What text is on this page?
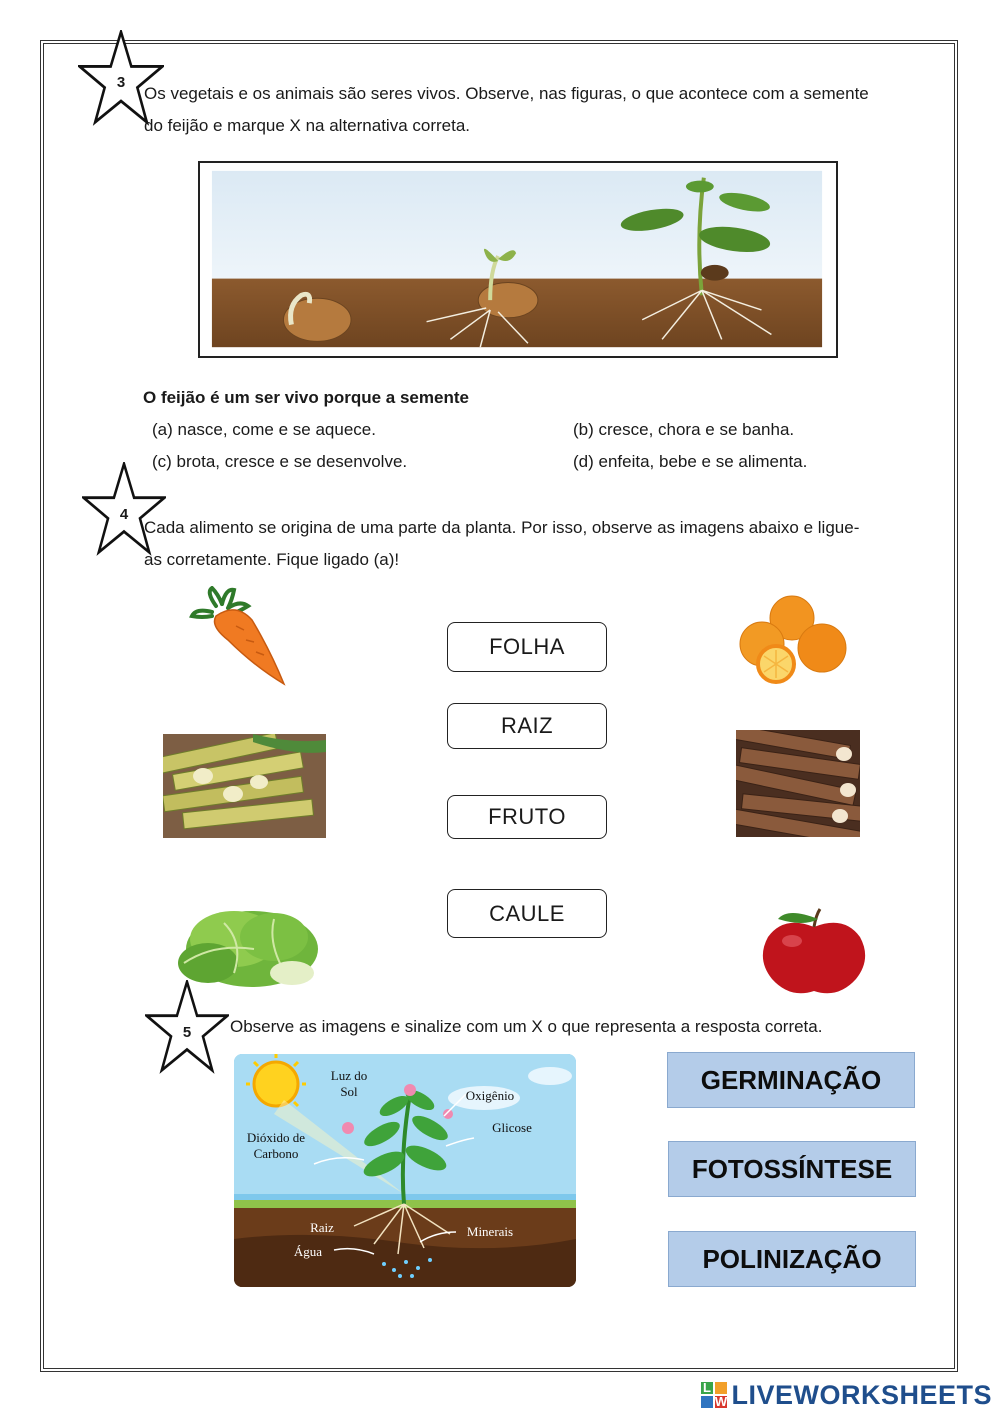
3
Os vegetais e os animais são seres vivos. Observe, nas figuras, o que acontece com a semente
do feijão e marque X na alternativa correta.
O feijão é um ser vivo porque a semente
(a) nasce, come e se aquece.	(b) cresce, chora e se banha.
(c) brota, cresce e se desenvolve.	(d) enfeita, bebe e se alimenta.
4
Cada alimento se origina de uma parte da planta. Por isso, observe as imagens abaixo e ligue-
as corretamente. Fique ligado (a)!
FOLHA
RAIZ
FRUTO
CAULE
5	Observe as imagens e sinalize com um X o que representa a resposta correta.
Luz do
Sol	Oxigênio
Glicose
Dióxido de
Carbono
Raiz
Água
Minerais
GERMINAÇÃO
FOTOSSÍNTESE
POLINIZAÇÃO
L
W LIVEWORKSHEETS
